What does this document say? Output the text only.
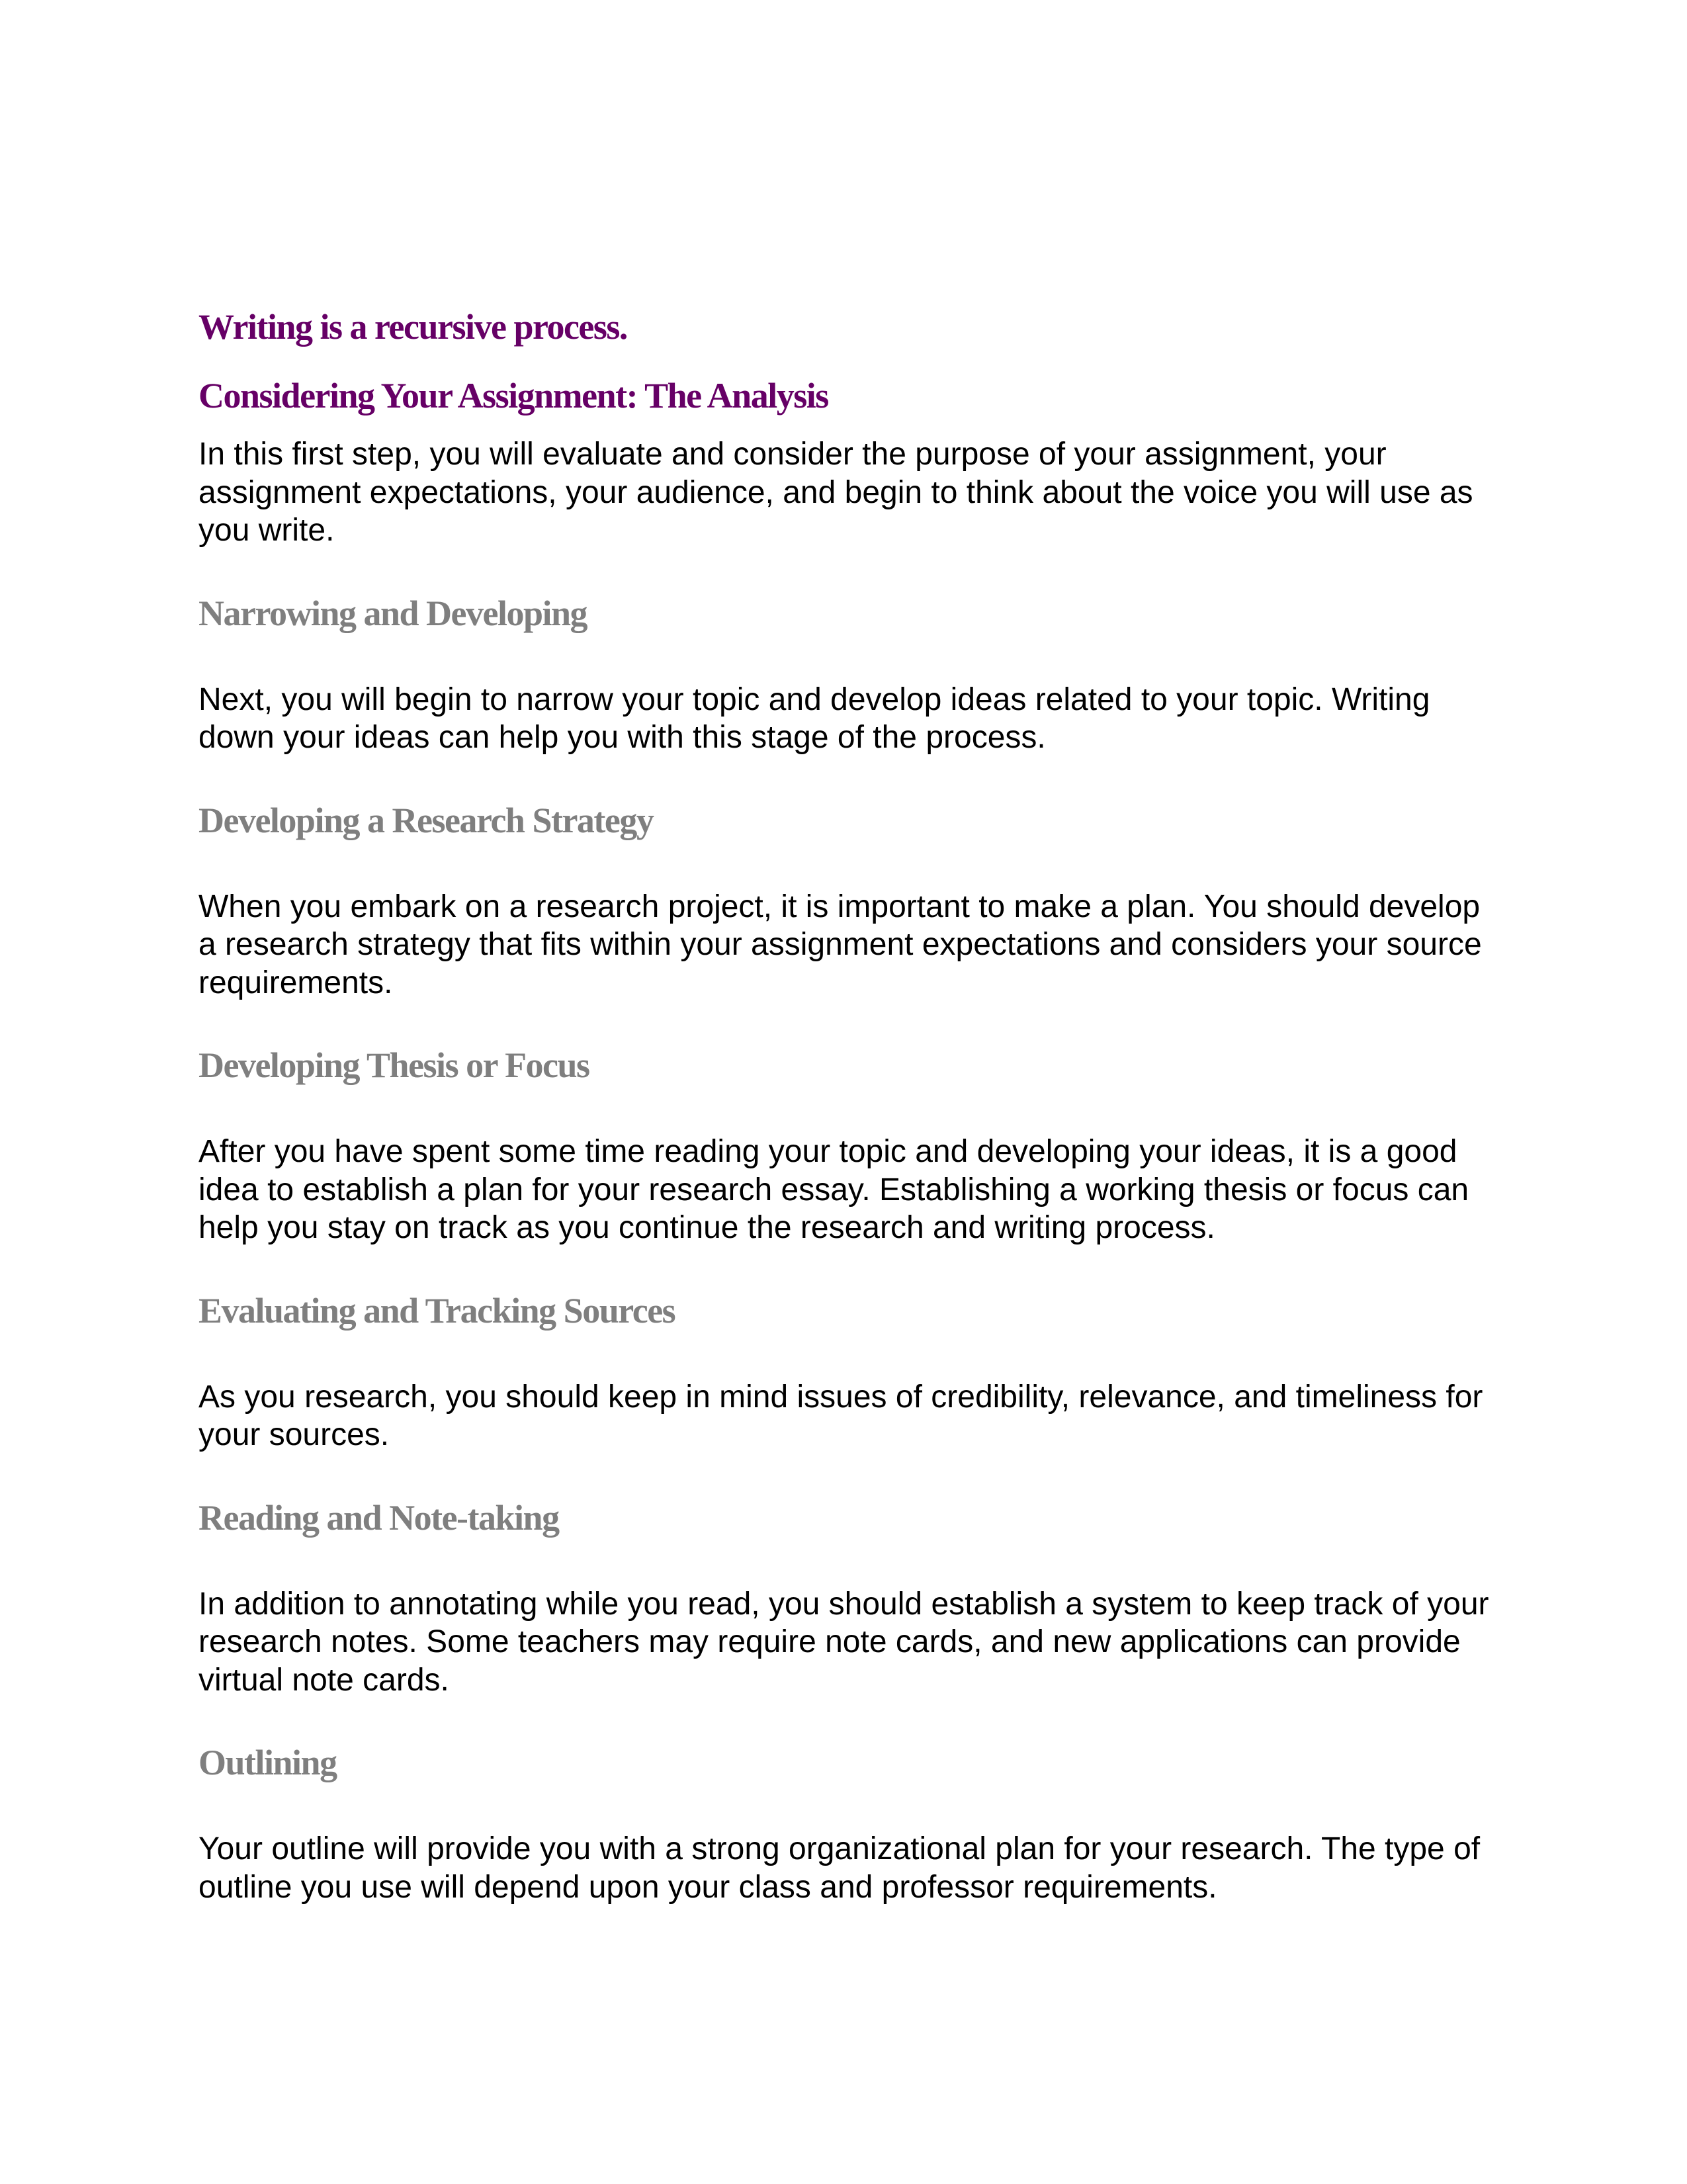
Writing is a recursive process.
Considering Your Assignment: The Analysis

In this first step, you will evaluate and consider the purpose of your assignment, your assignment expectations, your audience, and begin to think about the voice you will use as you write.

Narrowing and Developing

Next, you will begin to narrow your topic and develop ideas related to your topic. Writing down your ideas can help you with this stage of the process.

Developing a Research Strategy

When you embark on a research project, it is important to make a plan. You should develop a research strategy that fits within your assignment expectations and considers your source requirements.

Developing Thesis or Focus

After you have spent some time reading your topic and developing your ideas, it is a good idea to establish a plan for your research essay. Establishing a working thesis or focus can help you stay on track as you continue the research and writing process.

Evaluating and Tracking Sources

As you research, you should keep in mind issues of credibility, relevance, and timeliness for your sources.

Reading and Note-taking

In addition to annotating while you read, you should establish a system to keep track of your research notes. Some teachers may require note cards, and new applications can provide virtual note cards.

Outlining

Your outline will provide you with a strong organizational plan for your research. The type of outline you use will depend upon your class and professor requirements.
